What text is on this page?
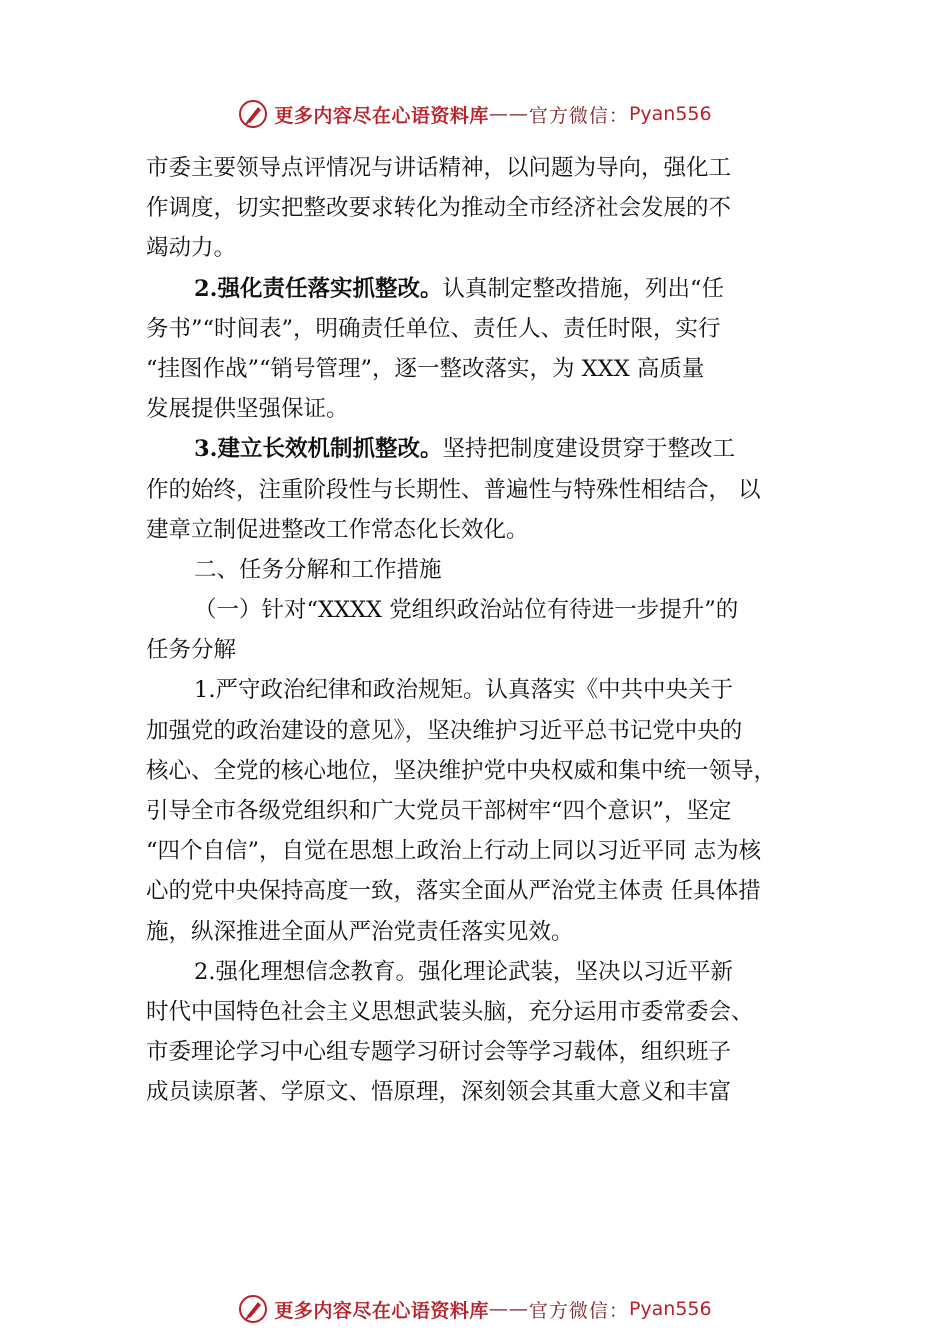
更多内容尽在心语资料库 —— 官方微信： Pyan556
市委主要领导点评情况与讲话精神，以问题为导向，强化工
作调度，切实把整改要求转化为推动全市经济社会发展的不
竭动力。
2.强化责任落实抓整改。认真制定整改措施，列出“任
务书”“时间表”，明确责任单位、责任人、责任时限，实行
“挂图作战”“销号管理”，逐一整改落实，为 XXX 高质量
发展提供坚强保证。
3.建立长效机制抓整改。坚持把制度建设贯穿于整改工
作的始终，注重阶段性与长期性、普遍性与特殊性相结合， 以
建章立制促进整改工作常态化长效化。
二、任务分解和工作措施
（一）针对“XXXX 党组织政治站位有待进一步提升”的
任务分解
1.严守政治纪律和政治规矩。认真落实《中共中央关于
加强党的政治建设的意见》，坚决维护习近平总书记党中央的
核心、全党的核心地位，坚决维护党中央权威和集中统一领导，
引导全市各级党组织和广大党员干部树牢“四个意识”，坚定
“四个自信”，自觉在思想上政治上行动上同以习近平同 志为核
心的党中央保持高度一致，落实全面从严治党主体责 任具体措
施，纵深推进全面从严治党责任落实见效。
2.强化理想信念教育。强化理论武装，坚决以习近平新
时代中国特色社会主义思想武装头脑，充分运用市委常委会、
市委理论学习中心组专题学习研讨会等学习载体，组织班子
成员读原著、学原文、悟原理，深刻领会其重大意义和丰富
更多内容尽在心语资料库 —— 官方微信： Pyan556
